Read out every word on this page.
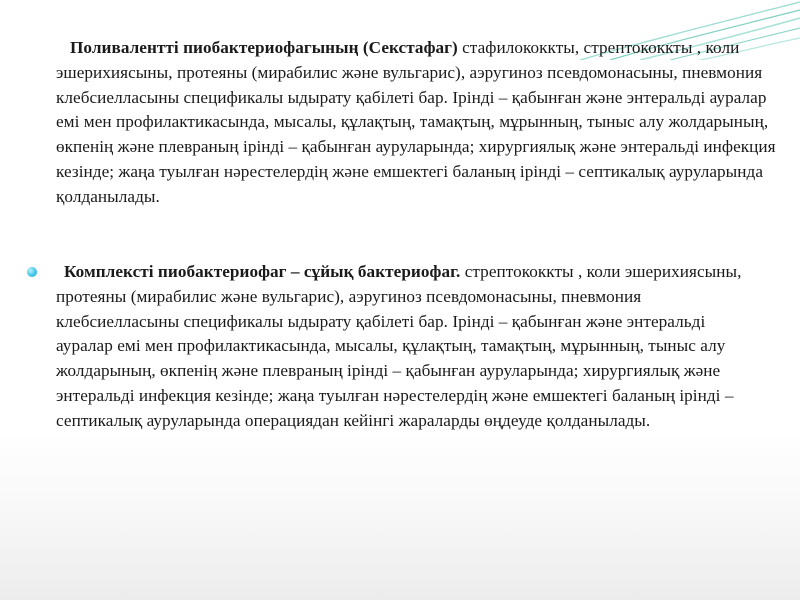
Поливаленттi пиобактериофагының (Секстафаг) стафилококкты, стрептококкты , коли эшерихиясыны, протеяны (мирабилис және вульгарис), аэругиноз псевдомонасыны, пневмония клебсиелласыны спецификалы ыдырату қабiлетi бар. Iрiндi – қабынған және энтеральдi ауралар емi мен профилактикасында, мысалы, құлақтың, тамақтың, мұрынның, тыныс алу жолдарының, өкпенiң және плевраның iрiндi – қабынған ауруларында; хирургиялық және энтеральдi инфекция кезiнде; жаңа туылған нәрестелердiң және емшектегi баланың iрiндi – септикалық ауруларында қолданылады.
Комплекстi пиобактериофаг – сұйық бактериофаг. стрептококкты , коли эшерихиясыны, протеяны (мирабилис және вульгарис), аэругиноз псевдомонасыны, пневмония клебсиелласыны спецификалы ыдырату қабiлетi бар. Iрiндi – қабынған және энтеральдi ауралар емi мен профилактикасында, мысалы, құлақтың, тамақтың, мұрынның, тыныс алу жолдарының, өкпенiң және плевраның iрiндi – қабынған ауруларында; хирургиялық және энтеральдi инфекция кезiнде; жаңа туылған нәрестелердiң және емшектегi баланың iрiндi – септикалық ауруларында операциядан кейiнгi жараларды өңдеуде қолданылады.
